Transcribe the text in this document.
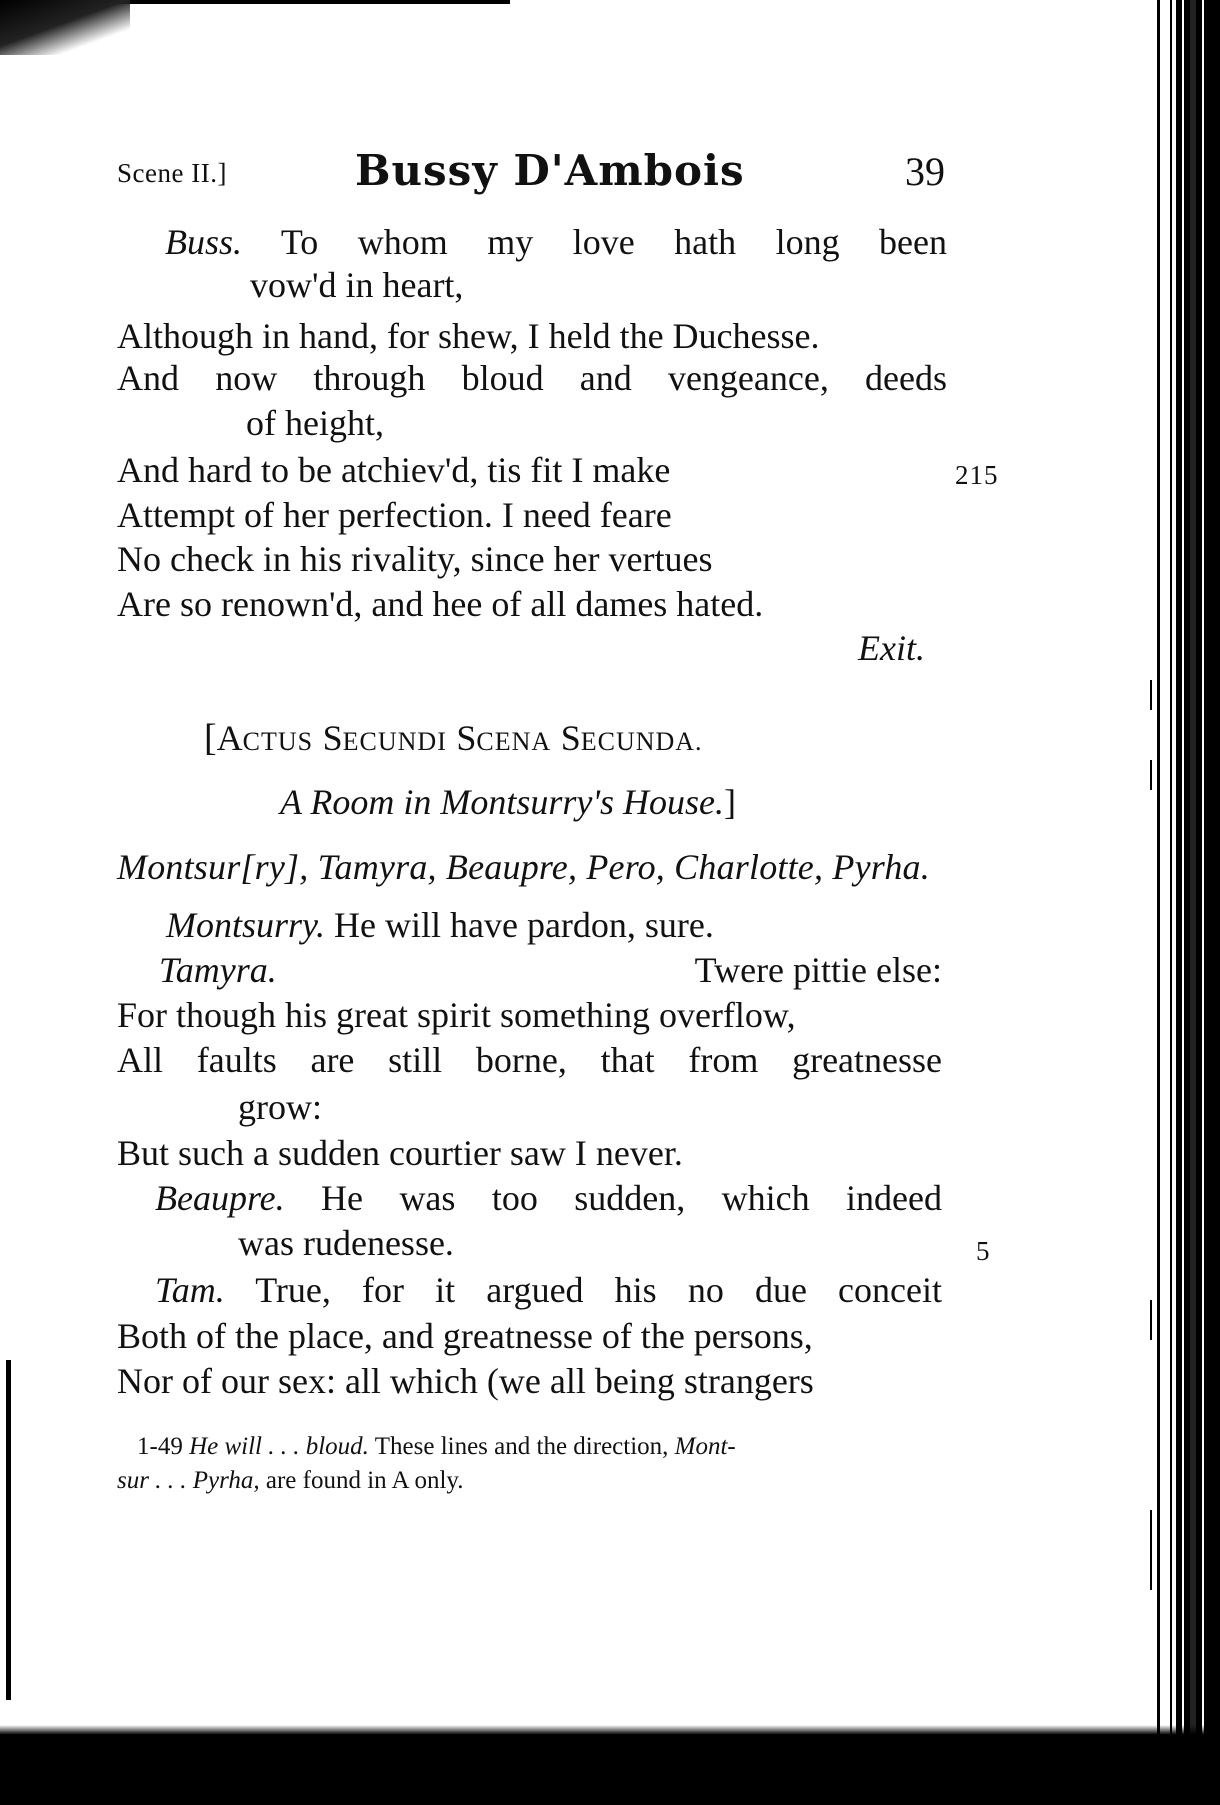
Scene II.]	Bussy D'Ambois	39
Buss. To whom my love hath long been
vow'd in heart,
Although in hand, for shew, I held the Duchesse.
And now through bloud and vengeance, deeds
of height,
And hard to be atchiev'd, tis fit I make	215
Attempt of her perfection. I need feare
No check in his rivality, since her vertues
Are so renown'd, and hee of all dames hated.
Exit.
[ACTUS SECUNDI SCENA SECUNDA.
A Room in Montsurry's House.]
Montsur[ry], Tamyra, Beaupre, Pero, Charlotte, Pyrha.
Montsurry. He will have pardon, sure.
Tamyra.	Twere pittie else:
For though his great spirit something overflow,
All faults are still borne, that from greatnesse
grow:
But such a sudden courtier saw I never.
Beaupre. He was too sudden, which indeed
was rudenesse.	5
Tam. True, for it argued his no due conceit
Both of the place, and greatnesse of the persons,
Nor of our sex: all which (we all being strangers
1-49 He will . . . bloud. These lines and the direction, Mont-
sur . . . Pyrha, are found in A only.
